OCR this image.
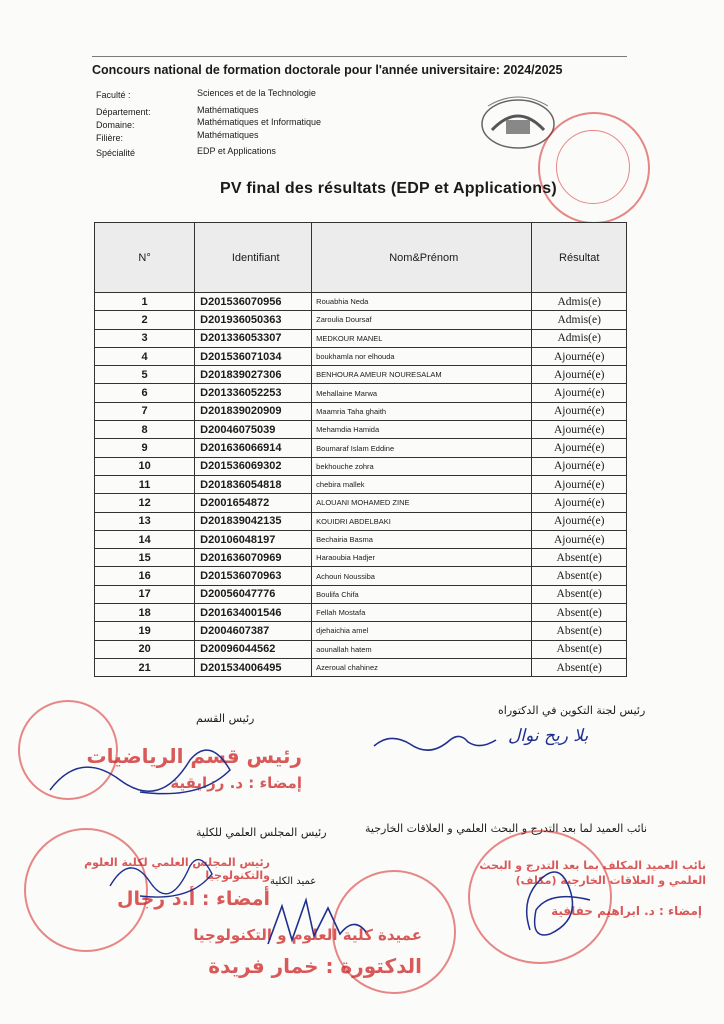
Concours national de formation doctorale pour l'année universitaire: 2024/2025
Faculté :	Sciences et de la Technologie
Département:	Mathématiques
Domaine:	Mathématiques et Informatique
Filière:	Mathématiques
Spécialité	EDP et Applications
PV final des résultats (EDP et Applications)
N°	Identifiant	Nom&Prénom	Résultat
1	D201536070956	Rouabhia Neda	Admis(e)
2	D201936050363	Zaroulia Doursaf	Admis(e)
3	D201336053307	MEDKOUR MANEL	Admis(e)
4	D201536071034	boukhamla nor elhouda	Ajourné(e)
5	D201839027306	BENHOURA AMEUR NOURESALAM	Ajourné(e)
6	D201336052253	Mehallaine Marwa	Ajourné(e)
7	D201839020909	Maamria Taha ghaith	Ajourné(e)
8	D20046075039	Mehamdia Hamida	Ajourné(e)
9	D201636066914	Boumaraf Islam Eddine	Ajourné(e)
10	D201536069302	bekhouche zohra	Ajourné(e)
11	D201836054818	chebira mallek	Ajourné(e)
12	D2001654872	ALOUANI MOHAMED ZINE	Ajourné(e)
13	D201839042135	KOUIDRI ABDELBAKI	Ajourné(e)
14	D20106048197	Bechairia Basma	Ajourné(e)
15	D201636070969	Haraoubia Hadjer	Absent(e)
16	D201536070963	Achouri Noussiba	Absent(e)
17	D20056047776	Boulifa Chifa	Absent(e)
18	D201634001546	Fellah Mostafa	Absent(e)
19	D2004607387	djehaichia amel	Absent(e)
20	D20096044562	aounallah hatem	Absent(e)
21	D201534006495	Azeroual chahinez	Absent(e)
رئيس لجنة التكوين في الدكتوراه
بلا ريح نوال
رئيس القسم
رئيس قسم الرياضيات
إمضاء : د. رزايقية
رئيس المجلس العلمي للكلية
رئيس المجلس العلمي لكلية العلوم والتكنولوجيا
أمضاء : أ.د رجال
نائب العميد لما بعد التدرج و البحث العلمي و العلاقات الخارجية
نائب العميد المكلف بما بعد التدرج و البحث العلمي و العلاقات الخارجية (مكلف)
إمضاء : د. ابراهيم حفافية
عميد الكلية
عميدة كلية العلوم و التكنولوجيا
الدكتورة : خمار فريدة
